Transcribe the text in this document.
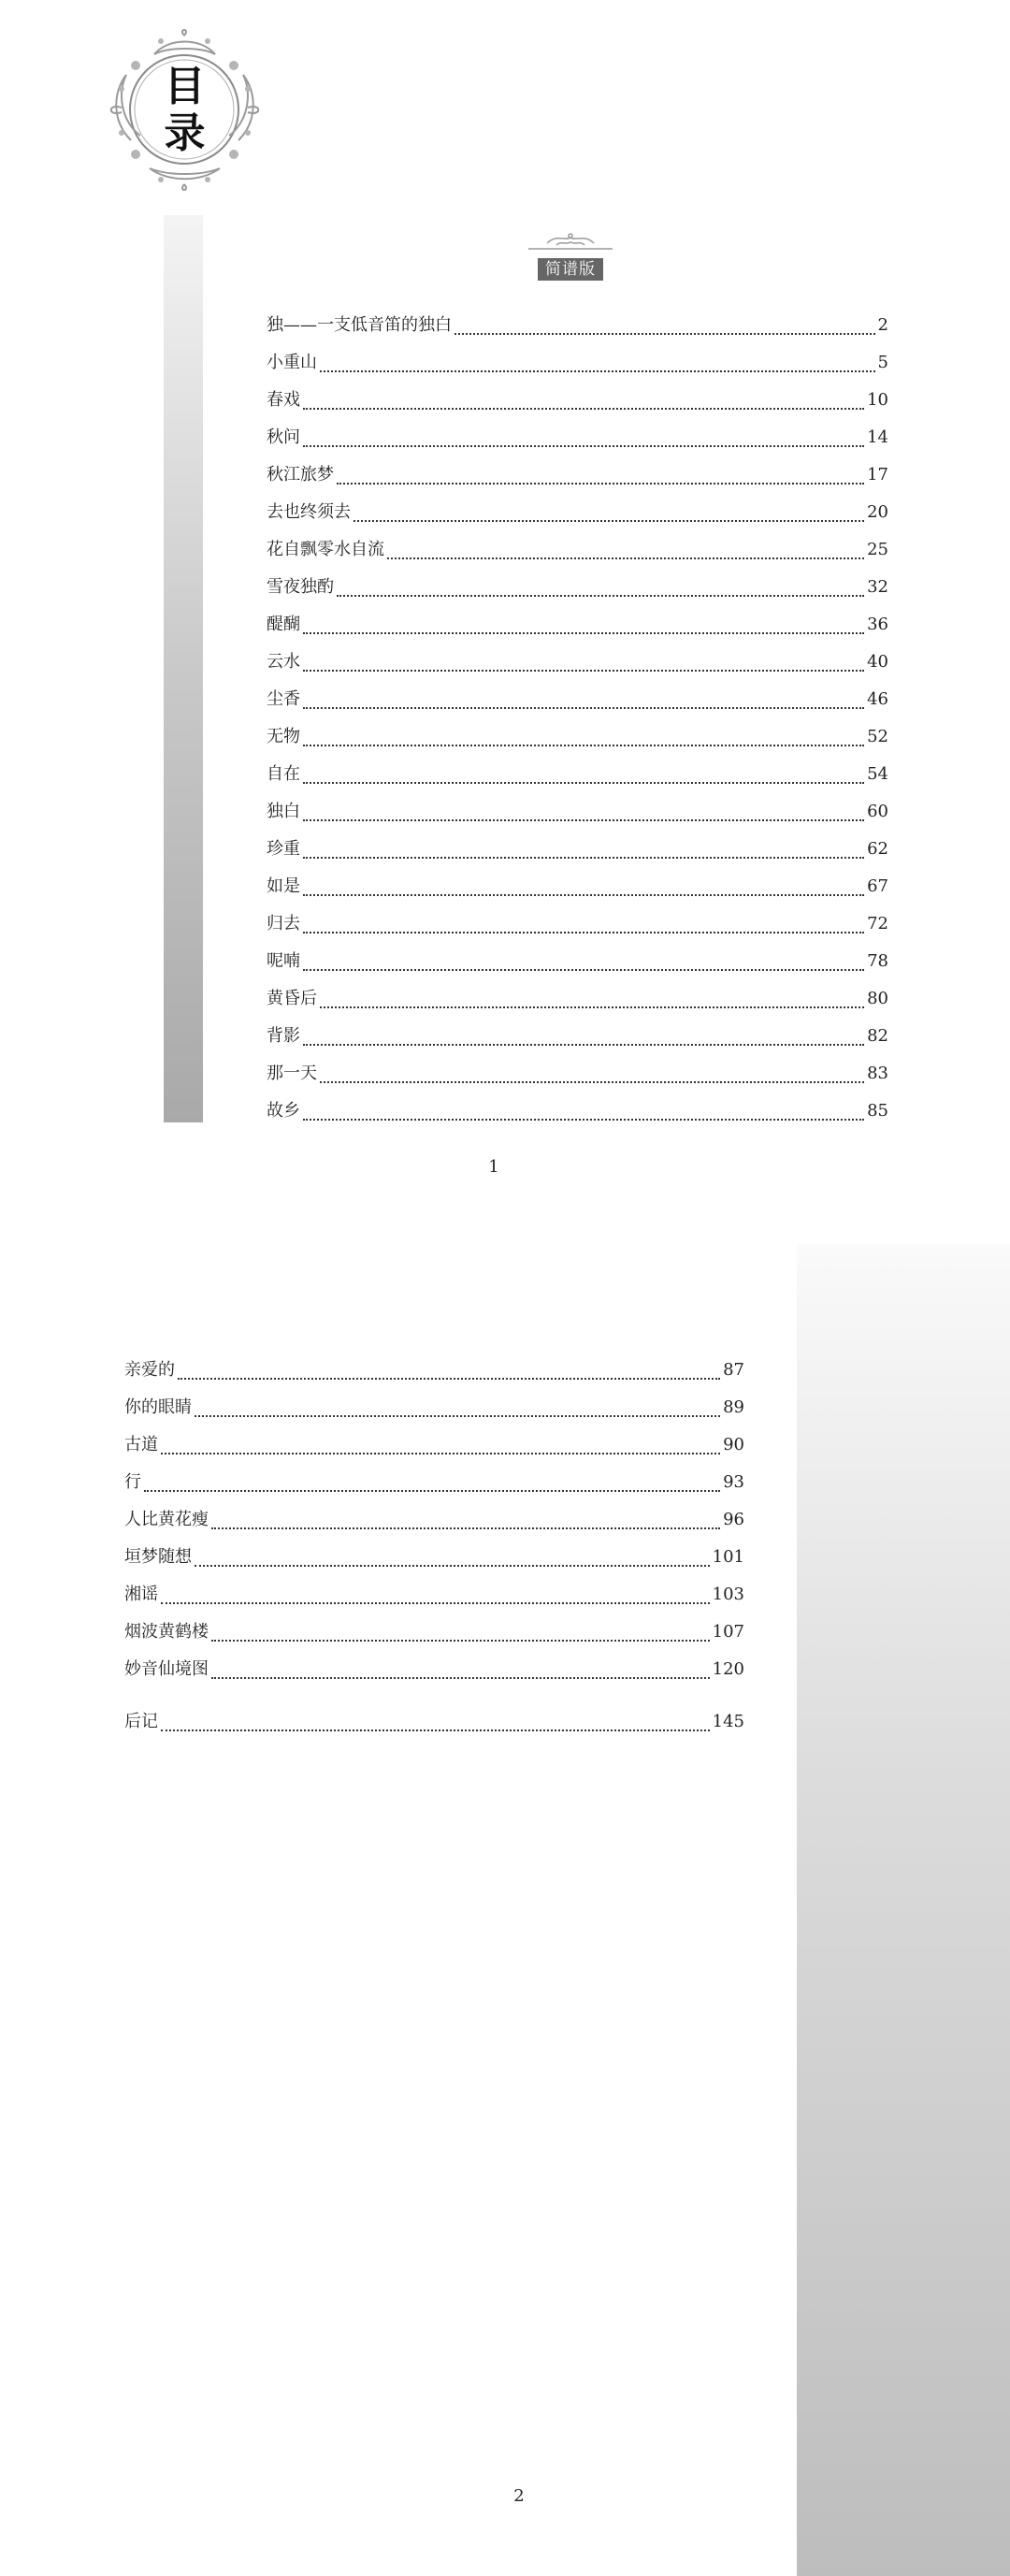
目
录
简谱版
独——一支低音笛的独白	2
小重山	5
春戏	10
秋问	14
秋江旅梦	17
去也终须去	20
花自飘零水自流	25
雪夜独酌	32
醍醐	36
云水	40
尘香	46
无物	52
自在	54
独白	60
珍重	62
如是	67
归去	72
呢喃	78
黄昏后	80
背影	82
那一天	83
故乡	85
1
亲爱的	87
你的眼睛	89
古道	90
行	93
人比黄花瘦	96
垣梦随想	101
湘谣	103
烟波黄鹤楼	107
妙音仙境图	120
后记	145
2
